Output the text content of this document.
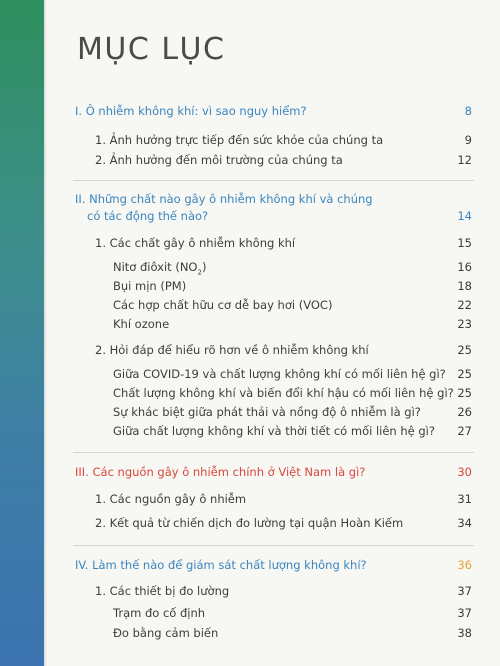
MỤC LỤC
I. Ô nhiễm không khí: vì sao nguy hiểm?	8
1. Ảnh hưởng trực tiếp đến sức khỏe của chúng ta	9
2. Ảnh hưởng đến môi trường của chúng ta	12
II. Những chất nào gây ô nhiễm không khí và chúng
có tác động thế nào?	14
1. Các chất gây ô nhiễm không khí	15
Nitơ điôxit $(NO_2)$	16
Bụi mịn (PM)	18
Các hợp chất hữu cơ dễ bay hơi (VOC)	22
Khí ozone	23
2. Hỏi đáp để hiểu rõ hơn về ô nhiễm không khí	25
Giữa COVID-19 và chất lượng không khí có mối liên hệ gì? 25
Chất lượng không khí và biến đổi khí hậu có mối liên hệ gì? 25
Sự khác biệt giữa phát thải và nồng độ ô nhiễm là gì?	26
Giữa chất lượng không khí và thời tiết có mối liên hệ gì? 27
III. Các nguồn gây ô nhiễm chính ở Việt Nam là gì?	30
1. Các nguồn gây ô nhiễm	31
2. Kết quả từ chiến dịch đo lường tại quận Hoàn Kiếm	34
IV. Làm thế nào để giám sát chất lượng không khí?	36
1. Các thiết bị đo lường	37
Trạm đo cố định	37
Đo bằng cảm biến	38
